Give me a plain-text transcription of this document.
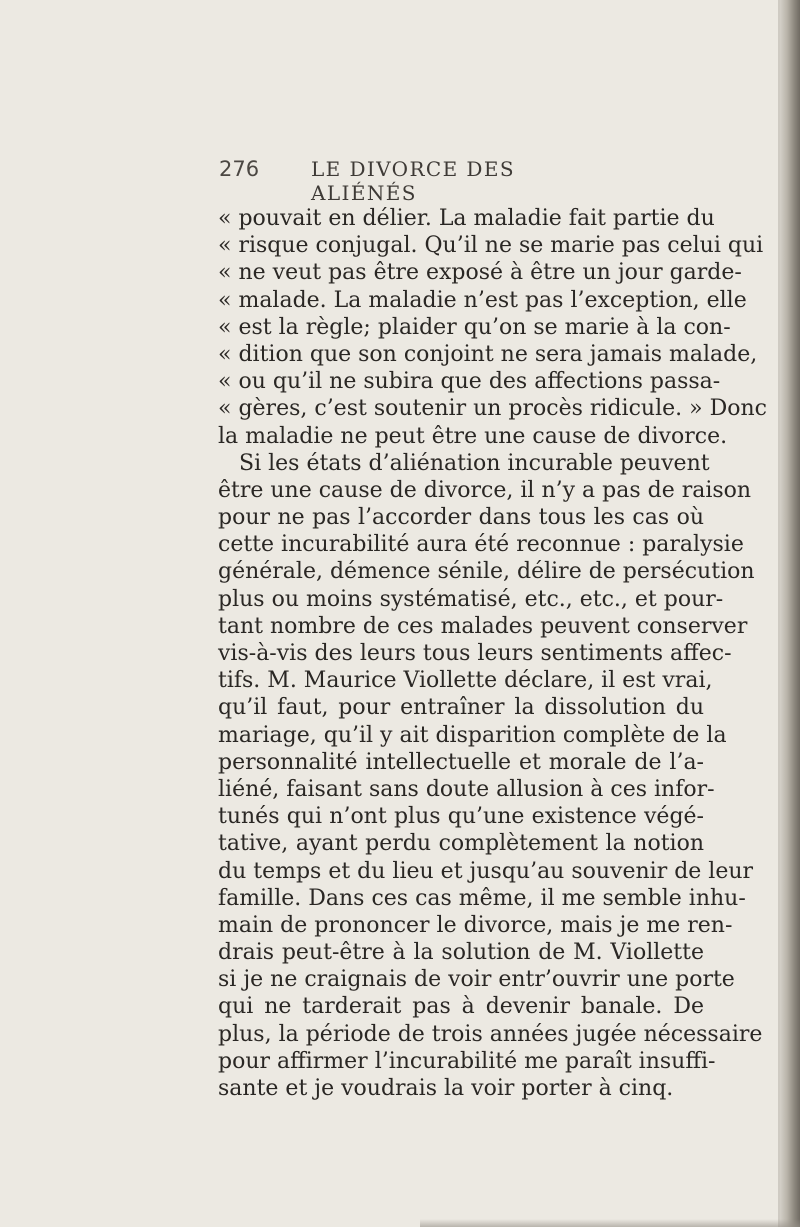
276	LE DIVORCE DES ALIÉNÉS
« pouvait en délier. La maladie fait partie du
« risque conjugal. Qu’il ne se marie pas celui qui
« ne veut pas être exposé à être un jour garde-
« malade. La maladie n’est pas l’exception, elle
« est la règle; plaider qu’on se marie à la con-
« dition que son conjoint ne sera jamais malade,
« ou qu’il ne subira que des affections passa-
« gères, c’est soutenir un procès ridicule. » Donc
la maladie ne peut être une cause de divorce.
Si les états d’aliénation incurable peuvent
être une cause de divorce, il n’y a pas de raison
pour ne pas l’accorder dans tous les cas où
cette incurabilité aura été reconnue : paralysie
générale, démence sénile, délire de persécution
plus ou moins systématisé, etc., etc., et pour-
tant nombre de ces malades peuvent conserver
vis-à-vis des leurs tous leurs sentiments affec-
tifs. M. Maurice Viollette déclare, il est vrai,
qu’il faut, pour entraîner la dissolution du
mariage, qu’il y ait disparition complète de la
personnalité intellectuelle et morale de l’a-
liéné, faisant sans doute allusion à ces infor-
tunés qui n’ont plus qu’une existence végé-
tative, ayant perdu complètement la notion
du temps et du lieu et jusqu’au souvenir de leur
famille. Dans ces cas même, il me semble inhu-
main de prononcer le divorce, mais je me ren-
drais peut-être à la solution de M. Viollette
si je ne craignais de voir entr’ouvrir une porte
qui ne tarderait pas à devenir banale. De
plus, la période de trois années jugée nécessaire
pour affirmer l’incurabilité me paraît insuffi-
sante et je voudrais la voir porter à cinq.
